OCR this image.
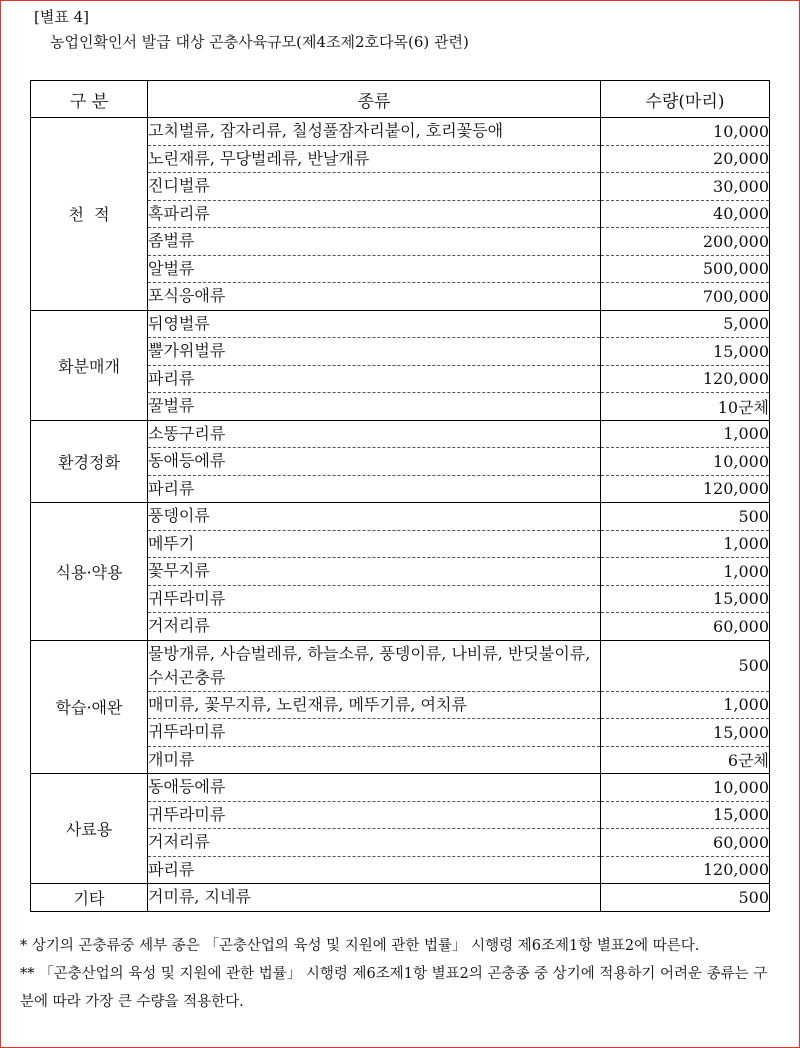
[별표 4]
농업인확인서 발급 대상 곤충사육규모(제4조제2호다목(6) 관련)
구 분	종류	수량(마리)
천  적	고치벌류, 잠자리류, 칠성풀잠자리붙이, 호리꽃등애	10,000
	노린재류, 무당벌레류, 반날개류	20,000
	진디벌류	30,000
	혹파리류	40,000
	좀벌류	200,000
	알벌류	500,000
	포식응애류	700,000
화분매개	뒤영벌류	5,000
	뿔가위벌류	15,000
	파리류	120,000
	꿀벌류	10군체
환경정화	소똥구리류	1,000
	동애등에류	10,000
	파리류	120,000
식용·약용	풍뎅이류	500
	메뚜기	1,000
	꽃무지류	1,000
	귀뚜라미류	15,000
	거저리류	60,000
학습·애완	물방개류, 사슴벌레류, 하늘소류, 풍뎅이류, 나비류, 반딧불이류, 수서곤충류	500
	매미류, 꽃무지류, 노린재류, 메뚜기류, 여치류	1,000
	귀뚜라미류	15,000
	개미류	6군체
사료용	동애등에류	10,000
	귀뚜라미류	15,000
	거저리류	60,000
	파리류	120,000
기타	거미류, 지네류	500

* 상기의 곤충류중 세부 종은 「곤충산업의 육성 및 지원에 관한 법률」 시행령 제6조제1항 별표2에 따른다.

** 「곤충산업의 육성 및 지원에 관한 법률」 시행령 제6조제1항 별표2의 곤충종 중 상기에 적용하기 어려운 종류는 구분에 따라 가장 큰 수량을 적용한다.
